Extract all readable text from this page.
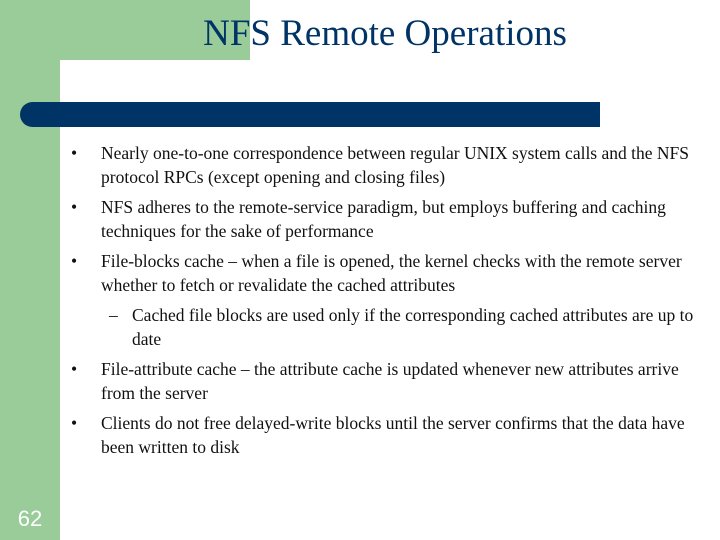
NFS Remote Operations
•	Nearly one-to-one correspondence between regular UNIX system calls and the NFS protocol RPCs (except opening and closing files)
•	NFS adheres to the remote-service paradigm, but employs buffering and caching techniques for the sake of performance
•	File-blocks cache – when a file is opened, the kernel checks with the remote server whether to fetch or revalidate the cached attributes
– Cached file blocks are used only if the corresponding cached attributes are up to date
•	File-attribute cache – the attribute cache is updated whenever new attributes arrive from the server
•	Clients do not free delayed-write blocks until the server confirms that the data have been written to disk
62
